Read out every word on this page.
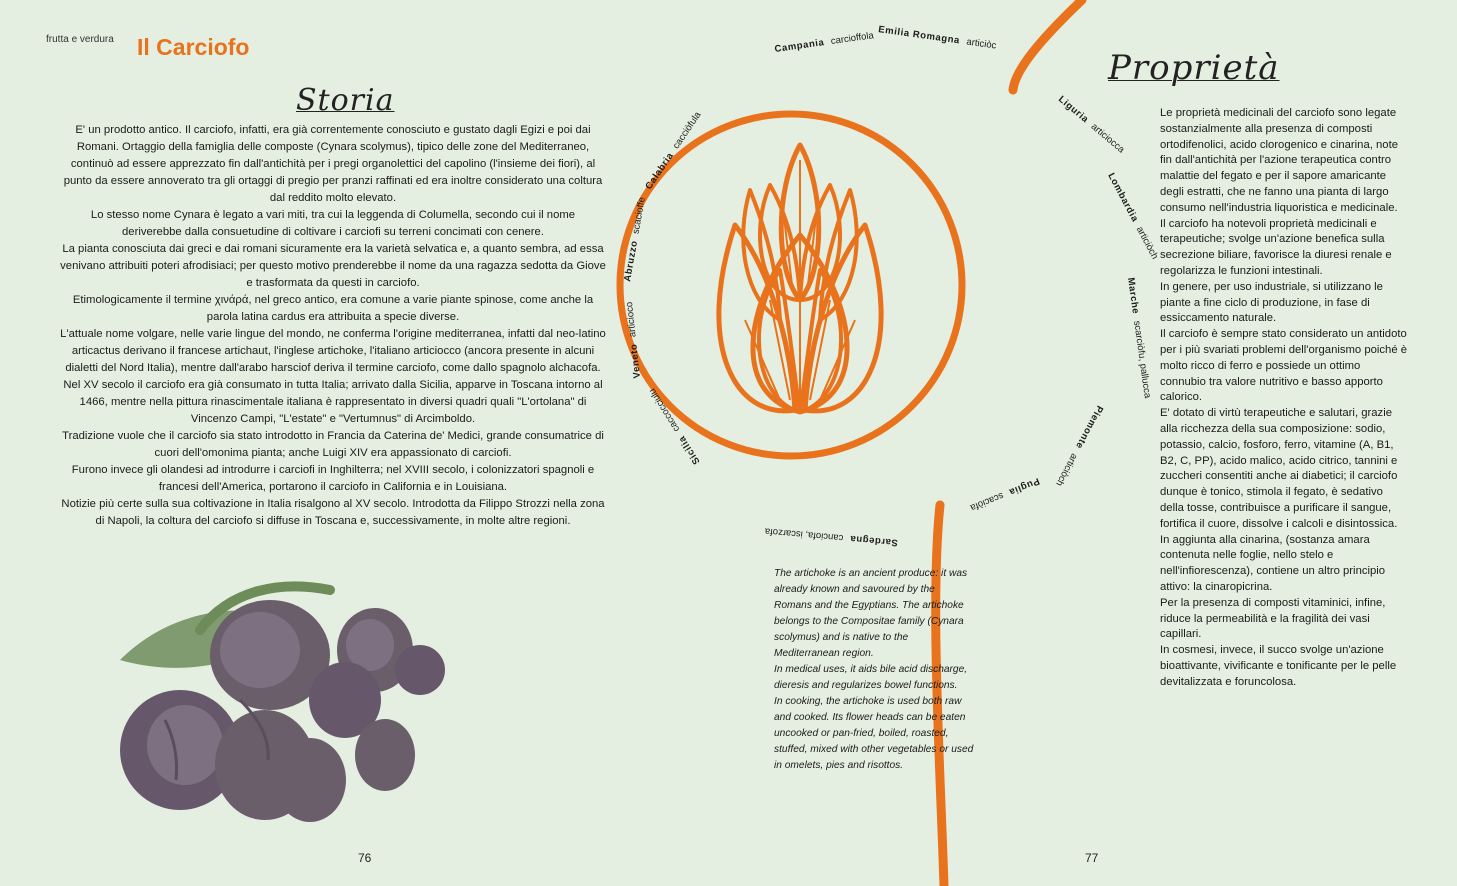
frutta e verdura Il Carciofo
Storia

E' un prodotto antico. Il carciofo, infatti, era già correntemente conosciuto e gustato dagli Egizi e poi dai Romani. Ortaggio della famiglia delle composte (Cynara scolymus), tipico delle zone del Mediterraneo, continuò ad essere apprezzato fin dall'antichità per i pregi organolettici del capolino (l'insieme dei fiori), al punto da essere annoverato tra gli ortaggi di pregio per pranzi raffinati ed era inoltre considerato una coltura dal reddito molto elevato.

Lo stesso nome Cynara è legato a vari miti, tra cui la leggenda di Columella, secondo cui il nome deriverebbe dalla consuetudine di coltivare i carciofi su terreni concimati con cenere.

La pianta conosciuta dai greci e dai romani sicuramente era la varietà selvatica e, a quanto sembra, ad essa venivano attribuiti poteri afrodisiaci; per questo motivo prenderebbe il nome da una ragazza sedotta da Giove e trasformata da questi in carciofo.

Etimologicamente il termine χινάρά, nel greco antico, era comune a varie piante spinose, come anche la parola latina cardus era attribuita a specie diverse.

L'attuale nome volgare, nelle varie lingue del mondo, ne conferma l'origine mediterranea, infatti dal neo-latino articactus derivano il francese artichaut, l'inglese artichoke, l'italiano articiocco (ancora presente in alcuni dialetti del Nord Italia), mentre dall'arabo harsciof deriva il termine carciofo, come dallo spagnolo alchacofa.

Nel XV secolo il carciofo era già consumato in tutta Italia; arrivato dalla Sicilia, apparve in Toscana intorno al 1466, mentre nella pittura rinascimentale italiana è rappresentato in diversi quadri quali "L'ortolana" di Vincenzo Campi, "L'estate" e "Vertumnus" di Arcimboldo.

Tradizione vuole che il carciofo sia stato introdotto in Francia da Caterina de' Medici, grande consumatrice di cuori dell'omonima pianta; anche Luigi XIV era appassionato di carciofi.

Furono invece gli olandesi ad introdurre i carciofi in Inghilterra; nel XVIII secolo, i colonizzatori spagnoli e francesi dell'America, portarono il carciofo in California e in Louisiana.

Notizie più certe sulla sua coltivazione in Italia risalgono al XV secolo. Introdotta da Filippo Strozzi nella zona di Napoli, la coltura del carciofo si diffuse in Toscana e, successivamente, in molte altre regioni.

Campania carcioffola Emilia Romagna articiòc
Liguria articiocca
Lombardia articiòch
Marche scarciòfu, pallucca
Piemonte articiòch
Puglia scaciòfa
Sardegna canciofa, iscarzofa
Sicilia caccocciulu
Veneto articioco
Abruzzo scacioffe
Calabria cacciòfula

The artichoke is an ancient produce: it was already known and savoured by the Romans and the Egyptians. The artichoke belongs to the Compositae family (Cynara scolymus) and is native to the Mediterranean region.

In medical uses, it aids bile acid discharge, dieresis and regularizes bowel functions.

In cooking, the artichoke is used both raw and cooked. Its flower heads can be eaten uncooked or pan-fried, boiled, roasted, stuffed, mixed with other vegetables or used in omelets, pies and risottos.

Proprietà

Le proprietà medicinali del carciofo sono legate sostanzialmente alla presenza di composti ortodifenolici, acido clorogenico e cinarina, note fin dall'antichità per l'azione terapeutica contro malattie del fegato e per il sapore amaricante degli estratti, che ne fanno una pianta di largo consumo nell'industria liquoristica e medicinale.

Il carciofo ha notevoli proprietà medicinali e terapeutiche; svolge un'azione benefica sulla secrezione biliare, favorisce la diuresi renale e regolarizza le funzioni intestinali.

In genere, per uso industriale, si utilizzano le piante a fine ciclo di produzione, in fase di essiccamento naturale.

Il carciofo è sempre stato considerato un antidoto per i più svariati problemi dell'organismo poiché è molto ricco di ferro e possiede un ottimo connubio tra valore nutritivo e basso apporto calorico.

E' dotato di virtù terapeutiche e salutari, grazie alla ricchezza della sua composizione: sodio, potassio, calcio, fosforo, ferro, vitamine (A, B1, B2, C, PP), acido malico, acido citrico, tannini e zuccheri consentiti anche ai diabetici; il carciofo dunque è tonico, stimola il fegato, è sedativo della tosse, contribuisce a purificare il sangue, fortifica il cuore, dissolve i calcoli e disintossica.

In aggiunta alla cinarina, (sostanza amara contenuta nelle foglie, nello stelo e nell'infiorescenza), contiene un altro principio attivo: la cinaropicrina.

Per la presenza di composti vitaminici, infine, riduce la permeabilità e la fragilità dei vasi capillari.

In cosmesi, invece, il succo svolge un'azione bioattivante, vivificante e tonificante per le pelle devitalizzata e foruncolosa.

76	77
